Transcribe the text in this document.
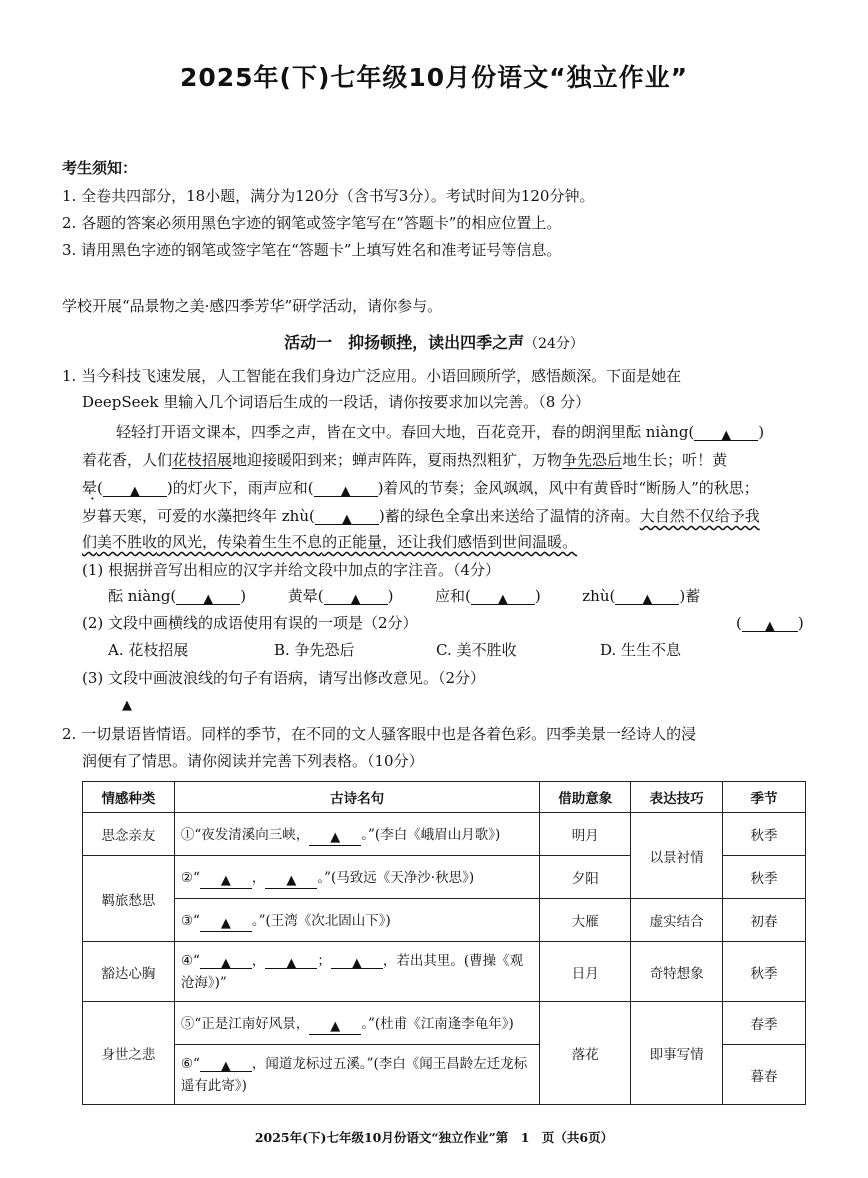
2025年(下)七年级10月份语文“独立作业”
考生须知：
1. 全卷共四部分，18小题，满分为120分（含书写3分）。考试时间为120分钟。
2. 各题的答案必须用黑色字迹的钢笔或签字笔写在“答题卡”的相应位置上。
3. 请用黑色字迹的钢笔或签字笔在“答题卡”上填写姓名和准考证号等信息。
学校开展“品景物之美·感四季芳华”研学活动，请你参与。
活动一　抑扬顿挫，读出四季之声（24分）
1. 当今科技飞速发展，人工智能在我们身边广泛应用。小语回顾所学，感悟颇深。下面是她在
DeepSeek 里输入几个词语后生成的一段话，请你按要求加以完善。（8 分）
轻轻打开语文课本，四季之声，皆在文中。春回大地，百花竞开，春的朗润里酝 niàng( ▲ )
着花香，人们花枝招展地迎接暖阳到来；蝉声阵阵，夏雨热烈粗犷，万物争先恐后地生长；听！黄
晕( · ▲ )的灯火下，雨声应和( ▲ )着风的节奏；金风飒飒，风中有黄昏时“断肠人”的秋思；
岁暮天寒，可爱的水藻把终年 zhù( ▲ )蓄的绿色全拿出来送给了温情的济南。大自然不仅给予我
们美不胜收的风光，传染着生生不息的正能量，还让我们感悟到世间温暖。
(1) 根据拼音写出相应的汉字并给文段中加点的字注音。（4分）
酝 niàng( ▲ )	黄晕( ▲ )	应和( ▲ )	zhù( ▲ )蓄
(2) 文段中画横线的成语使用有误的一项是（2分）	( ▲ )
A. 花枝招展	B. 争先恐后	C. 美不胜收	D. 生生不息
(3) 文段中画波浪线的句子有语病，请写出修改意见。（2分）
▲
2. 一切景语皆情语。同样的季节，在不同的文人骚客眼中也是各着色彩。四季美景一经诗人的浸
润便有了情思。请你阅读并完善下列表格。（10分）
情感种类	古诗名句	借助意象	表达技巧	季节
思念亲友	①“夜发清溪向三峡， ▲ 。”(李白《峨眉山月歌》)	明月	以景衬情	秋季
羁旅愁思	②“ ▲ ， ▲ 。”(马致远《天净沙·秋思》)	夕阳		秋季
	③“ ▲ 。”(王湾《次北固山下》)	大雁	虚实结合	初春
豁达心胸	④“ ▲ ， ▲ ； ▲ ，若出其里。(曹操《观沧海》)”	日月	奇特想象	秋季
身世之悲	⑤“正是江南好风景， ▲ 。”(杜甫《江南逢李龟年》)	落花	即事写情	春季
	⑥“ ▲ ，闻道龙标过五溪。”(李白《闻王昌龄左迁龙标遥有此寄》)			暮春
2025年(下)七年级10月份语文“独立作业”第　1　页（共6页）
